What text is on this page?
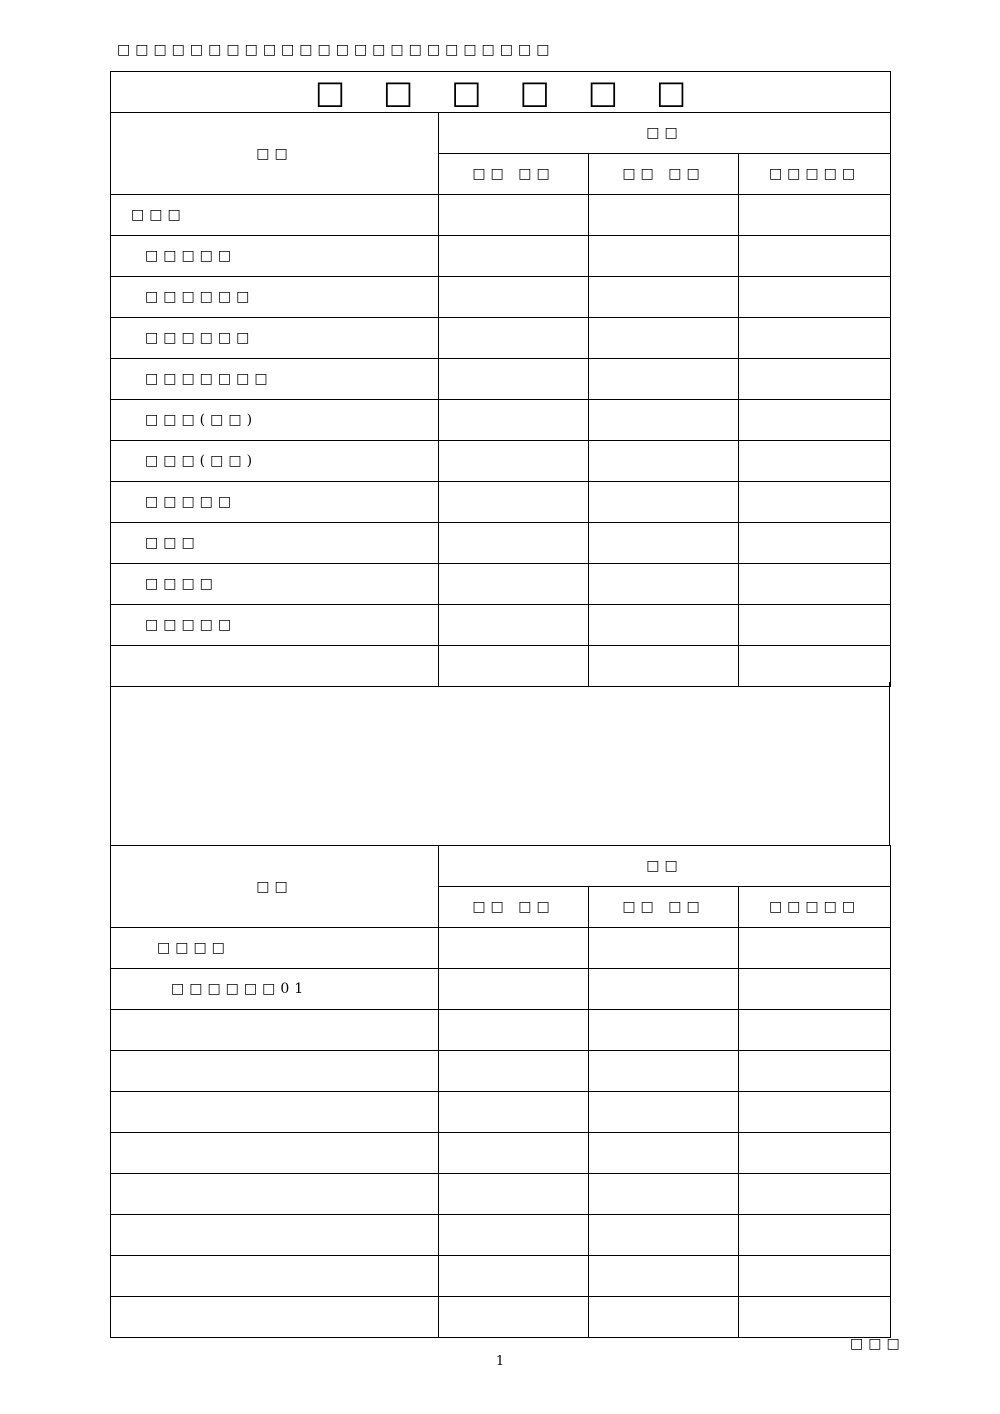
□□□□□□□□□□□□□□□□□□□□□□□□
□□□□□□			
□□	□□		
	□□ □□	□□ □□	□□□□□
□□□			
□□□□□			
□□□□□□			
□□□□□□			
□□□□□□□			
□□□(□□)			
□□□(□□)			
□□□□□			
□□□			
□□□□			
□□□□□			

□□	□□		
	□□ □□	□□ □□	□□□□□
□□□□			
□□□□□□01			

□□□
1
